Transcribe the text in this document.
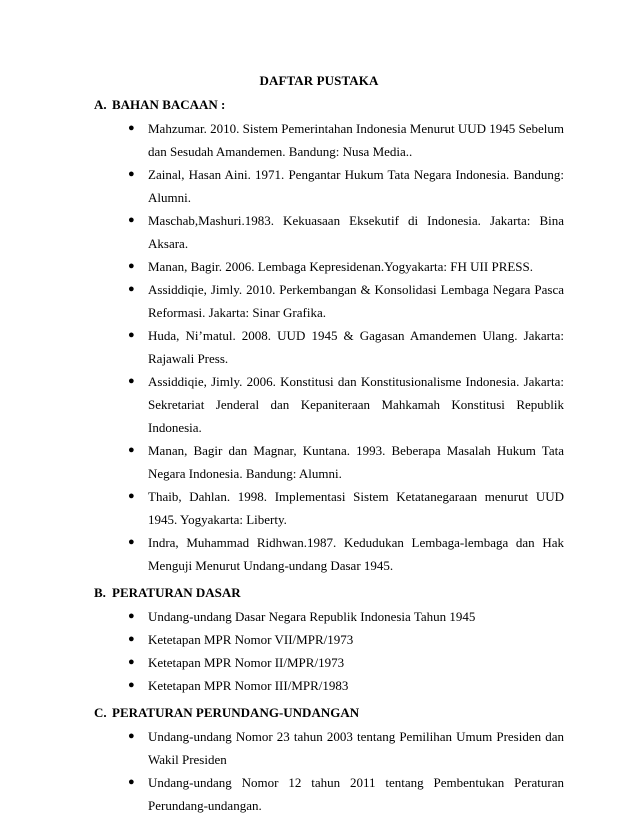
DAFTAR PUSTAKA
A. BAHAN BACAAN :
● Mahzumar. 2010. Sistem Pemerintahan Indonesia Menurut UUD 1945 Sebelum dan Sesudah Amandemen. Bandung: Nusa Media..
● Zainal, Hasan Aini. 1971. Pengantar Hukum Tata Negara Indonesia. Bandung: Alumni.
● Maschab,Mashuri.1983. Kekuasaan Eksekutif di Indonesia. Jakarta: Bina Aksara.
● Manan, Bagir. 2006. Lembaga Kepresidenan.Yogyakarta: FH UII PRESS.
● Assiddiqie, Jimly. 2010. Perkembangan & Konsolidasi Lembaga Negara Pasca Reformasi. Jakarta: Sinar Grafika.
● Huda, Ni’matul. 2008. UUD 1945 & Gagasan Amandemen Ulang. Jakarta: Rajawali Press.
● Assiddiqie, Jimly. 2006. Konstitusi dan Konstitusionalisme Indonesia. Jakarta: Sekretariat Jenderal dan Kepaniteraan Mahkamah Konstitusi Republik Indonesia.
● Manan, Bagir dan Magnar, Kuntana. 1993. Beberapa Masalah Hukum Tata Negara Indonesia. Bandung: Alumni.
● Thaib, Dahlan. 1998. Implementasi Sistem Ketatanegaraan menurut UUD 1945. Yogyakarta: Liberty.
● Indra, Muhammad Ridhwan.1987. Kedudukan Lembaga-lembaga dan Hak Menguji Menurut Undang-undang Dasar 1945.
B. PERATURAN DASAR
● Undang-undang Dasar Negara Republik Indonesia Tahun 1945
● Ketetapan MPR Nomor VII/MPR/1973
● Ketetapan MPR Nomor II/MPR/1973
● Ketetapan MPR Nomor III/MPR/1983
C. PERATURAN PERUNDANG-UNDANGAN
● Undang-undang Nomor 23 tahun 2003 tentang Pemilihan Umum Presiden dan Wakil Presiden
● Undang-undang Nomor 12 tahun 2011 tentang Pembentukan Peraturan Perundang-undangan.
